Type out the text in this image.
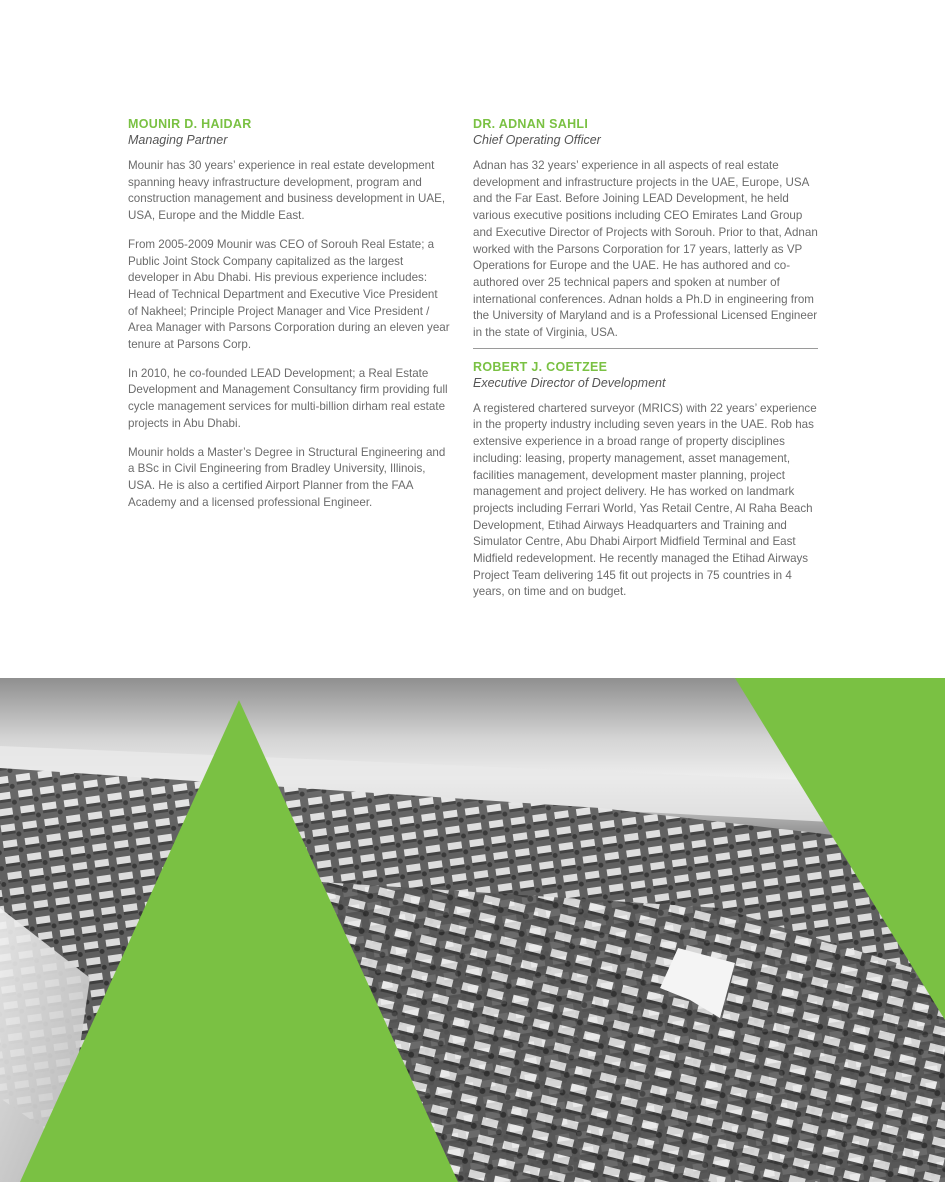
MOUNIR D. HAIDAR
Managing Partner

Mounir has 30 years’ experience in real estate development spanning heavy infrastructure development, program and construction management and business development in UAE, USA, Europe and the Middle East.

From 2005-2009 Mounir was CEO of Sorouh Real Estate; a Public Joint Stock Company capitalized as the largest developer in Abu Dhabi. His previous experience includes: Head of Technical Department and Executive Vice President of Nakheel; Principle Project Manager and Vice President / Area Manager with Parsons Corporation during an eleven year tenure at Parsons Corp.

In 2010, he co-founded LEAD Development; a Real Estate Development and Management Consultancy firm providing full cycle management services for multi-billion dirham real estate projects in Abu Dhabi.

Mounir holds a Master’s Degree in Structural Engineering and a BSc in Civil Engineering from Bradley University, Illinois, USA. He is also a certified Airport Planner from the FAA Academy and a licensed professional Engineer.

DR. ADNAN SAHLI
Chief Operating Officer

Adnan has 32 years’ experience in all aspects of real estate development and infrastructure projects in the UAE, Europe, USA and the Far East. Before Joining LEAD Development, he held various executive positions including CEO Emirates Land Group and Executive Director of Projects with Sorouh. Prior to that, Adnan worked with the Parsons Corporation for 17 years, latterly as VP Operations for Europe and the UAE. He has authored and co-authored over 25 technical papers and spoken at number of international conferences. Adnan holds a Ph.D in engineering from the University of Maryland and is a Professional Licensed Engineer in the state of Virginia, USA.

ROBERT J. COETZEE
Executive Director of Development

A registered chartered surveyor (MRICS) with 22 years’ experience in the property industry including seven years in the UAE. Rob has extensive experience in a broad range of property disciplines including: leasing, property management, asset management, facilities management, development master planning, project management and project delivery. He has worked on landmark projects including Ferrari World, Yas Retail Centre, Al Raha Beach Development, Etihad Airways Headquarters and Training and Simulator Centre, Abu Dhabi Airport Midfield Terminal and East Midfield redevelopment. He recently managed the Etihad Airways Project Team delivering 145 fit out projects in 75 countries in 4 years, on time and on budget.
